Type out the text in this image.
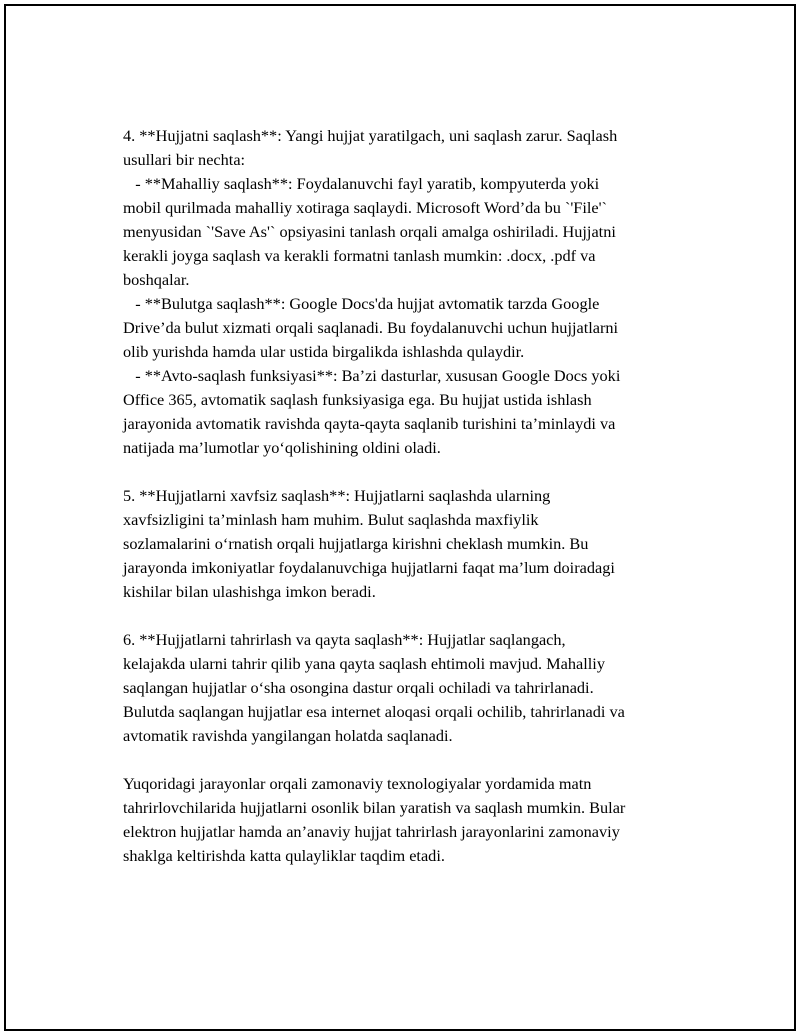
4. **Hujjatni saqlash**: Yangi hujjat yaratilgach, uni saqlash zarur. Saqlash
usullari bir nechta:
- **Mahalliy saqlash**: Foydalanuvchi fayl yaratib, kompyuterda yoki
mobil qurilmada mahalliy xotiraga saqlaydi. Microsoft Word’da bu `'File'`
menyusidan `'Save As'` opsiyasini tanlash orqali amalga oshiriladi. Hujjatni
kerakli joyga saqlash va kerakli formatni tanlash mumkin: .docx, .pdf va
boshqalar.
- **Bulutga saqlash**: Google Docs'da hujjat avtomatik tarzda Google
Drive’da bulut xizmati orqali saqlanadi. Bu foydalanuvchi uchun hujjatlarni
olib yurishda hamda ular ustida birgalikda ishlashda qulaydir.
- **Avto-saqlash funksiyasi**: Ba’zi dasturlar, xususan Google Docs yoki
Office 365, avtomatik saqlash funksiyasiga ega. Bu hujjat ustida ishlash
jarayonida avtomatik ravishda qayta-qayta saqlanib turishini ta’minlaydi va
natijada ma’lumotlar yo‘qolishining oldini oladi.
5. **Hujjatlarni xavfsiz saqlash**: Hujjatlarni saqlashda ularning
xavfsizligini ta’minlash ham muhim. Bulut saqlashda maxfiylik
sozlamalarini o‘rnatish orqali hujjatlarga kirishni cheklash mumkin. Bu
jarayonda imkoniyatlar foydalanuvchiga hujjatlarni faqat ma’lum doiradagi
kishilar bilan ulashishga imkon beradi.
6. **Hujjatlarni tahrirlash va qayta saqlash**: Hujjatlar saqlangach,
kelajakda ularni tahrir qilib yana qayta saqlash ehtimoli mavjud. Mahalliy
saqlangan hujjatlar o‘sha osongina dastur orqali ochiladi va tahrirlanadi.
Bulutda saqlangan hujjatlar esa internet aloqasi orqali ochilib, tahrirlanadi va
avtomatik ravishda yangilangan holatda saqlanadi.
Yuqoridagi jarayonlar orqali zamonaviy texnologiyalar yordamida matn
tahrirlovchilarida hujjatlarni osonlik bilan yaratish va saqlash mumkin. Bular
elektron hujjatlar hamda an’anaviy hujjat tahrirlash jarayonlarini zamonaviy
shaklga keltirishda katta qulayliklar taqdim etadi.
